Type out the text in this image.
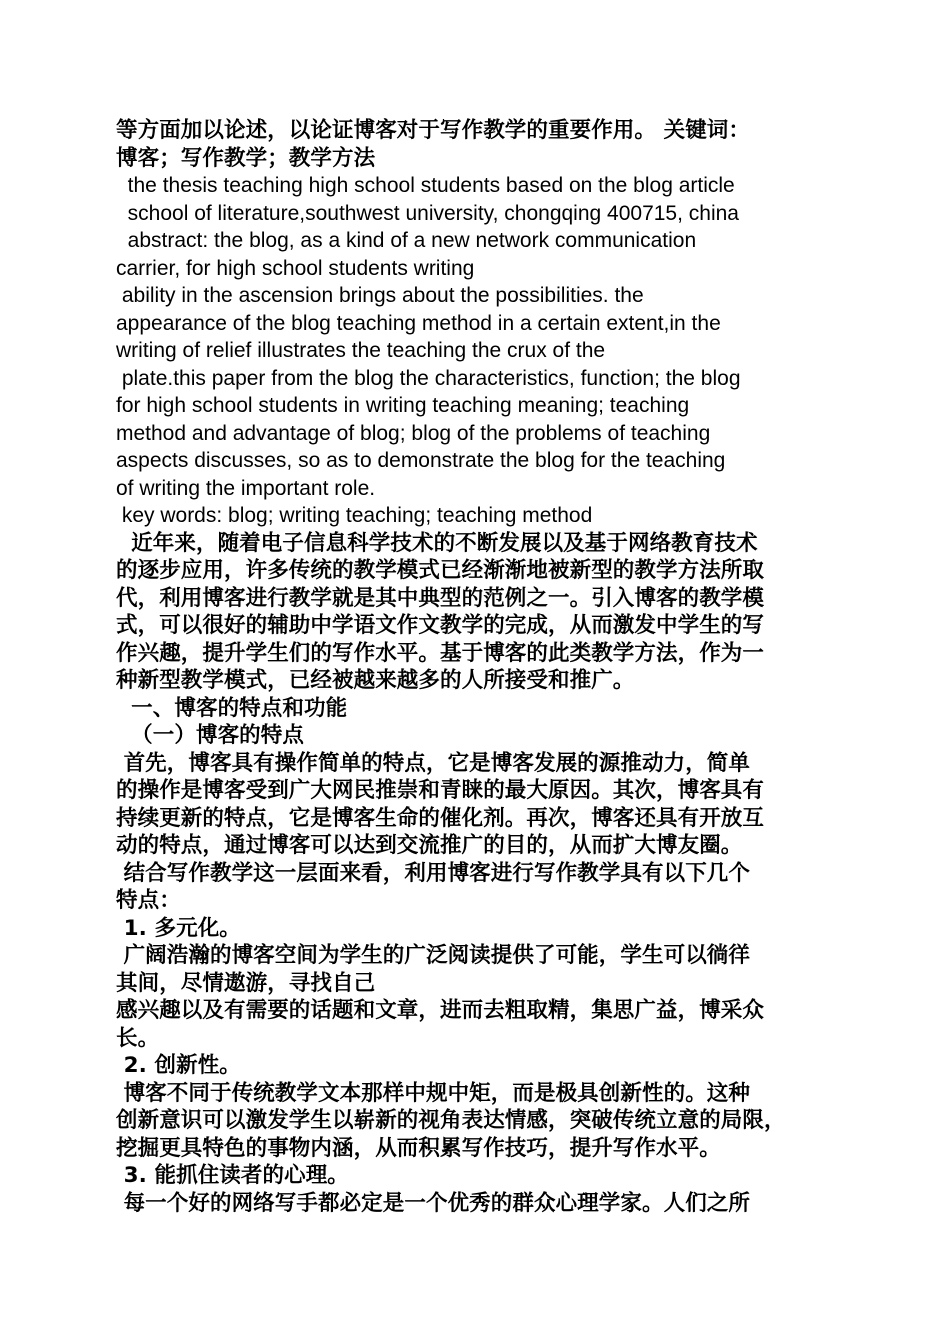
等方面加以论述，以论证博客对于写作教学的重要作用。 关键词：
博客；写作教学；教学方法
the thesis teaching high school students based on the blog article
school of literature,southwest university, chongqing 400715, china
abstract: the blog, as a kind of a new network communication
carrier, for high school students writing
ability in the ascension brings about the possibilities. the
appearance of the blog teaching method in a certain extent,in the
writing of relief illustrates the teaching the crux of the
plate.this paper from the blog the characteristics, function; the blog
for high school students in writing teaching meaning; teaching
method and advantage of blog; blog of the problems of teaching
aspects discusses, so as to demonstrate the blog for the teaching
of writing the important role.
key words: blog; writing teaching; teaching method
近年来，随着电子信息科学技术的不断发展以及基于网络教育技术
的逐步应用，许多传统的教学模式已经渐渐地被新型的教学方法所取
代，利用博客进行教学就是其中典型的范例之一。引入博客的教学模
式，可以很好的辅助中学语文作文教学的完成，从而激发中学生的写
作兴趣，提升学生们的写作水平。基于博客的此类教学方法，作为一
种新型教学模式，已经被越来越多的人所接受和推广。
一、博客的特点和功能
（一）博客的特点
首先，博客具有操作简单的特点，它是博客发展的源推动力，简单
的操作是博客受到广大网民推崇和青睐的最大原因。其次，博客具有
持续更新的特点，它是博客生命的催化剂。再次，博客还具有开放互
动的特点，通过博客可以达到交流推广的目的，从而扩大博友圈。
结合写作教学这一层面来看，利用博客进行写作教学具有以下几个
特点：
1. 多元化。
广阔浩瀚的博客空间为学生的广泛阅读提供了可能，学生可以徜徉
其间，尽情遨游，寻找自己
感兴趣以及有需要的话题和文章，进而去粗取精，集思广益，博采众
长。
2. 创新性。
博客不同于传统教学文本那样中规中矩，而是极具创新性的。这种
创新意识可以激发学生以崭新的视角表达情感，突破传统立意的局限，
挖掘更具特色的事物内涵，从而积累写作技巧，提升写作水平。
3. 能抓住读者的心理。
每一个好的网络写手都必定是一个优秀的群众心理学家。人们之所
